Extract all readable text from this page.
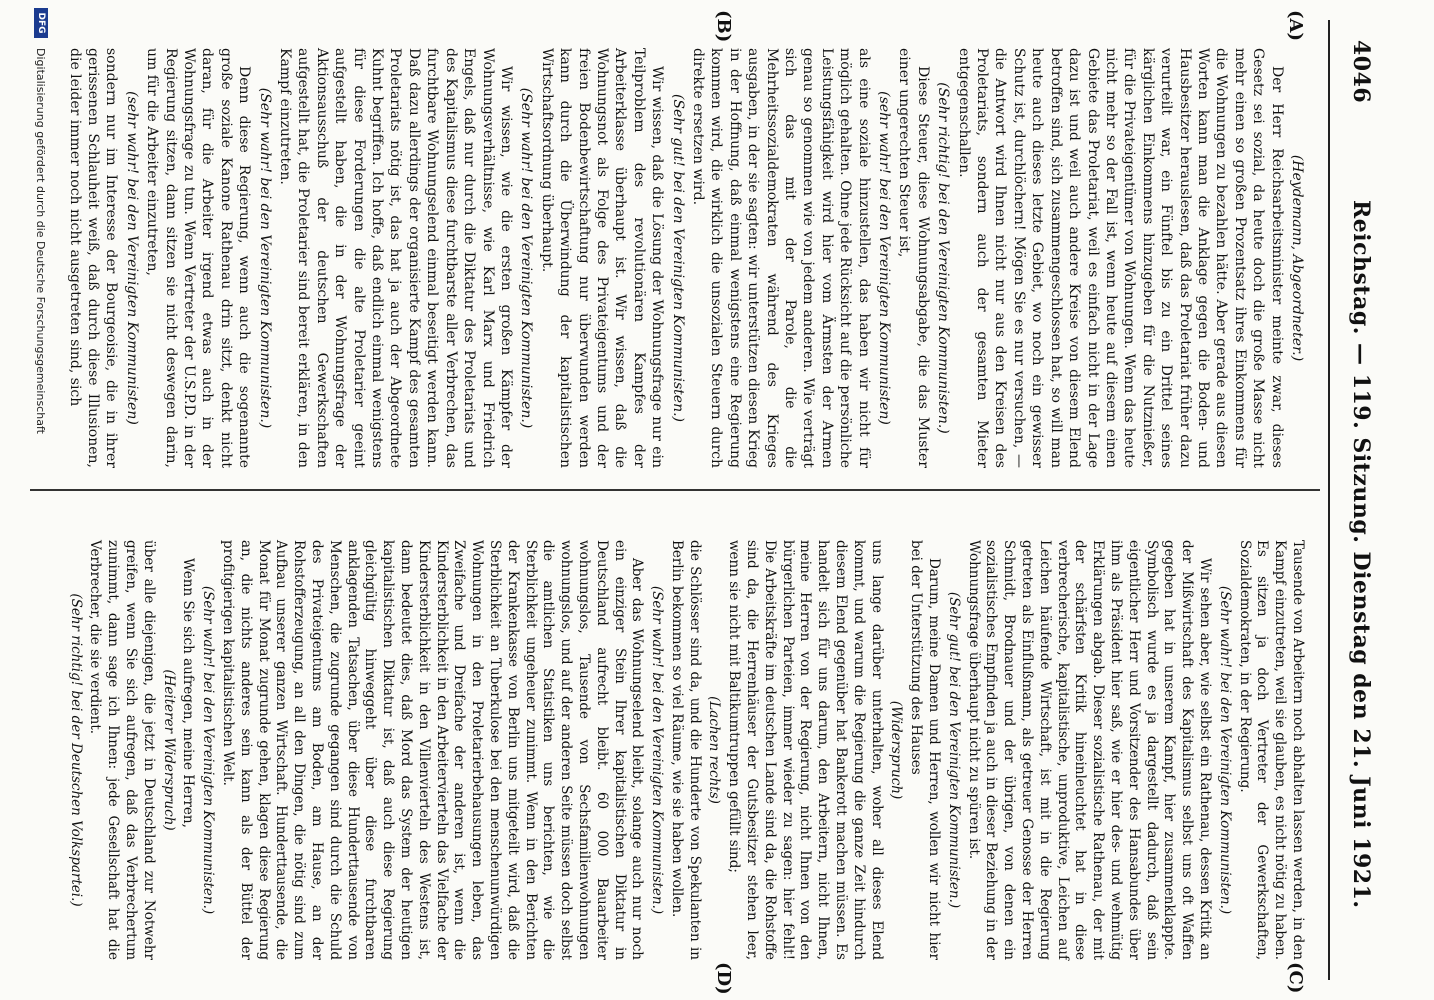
4046
Reichstag. — 119. Sitzung. Dienstag den 21. Juni 1921.
(A)
(B)
(C)
(D)

(Heydemann, Abgeordneter.)

Der Herr Reichsarbeitsminister meinte zwar, dieses Gesetz sei sozial, da heute doch die große Masse nicht mehr einen so großen Prozentsatz ihres Einkommens für die Wohnungen zu bezahlen hätte. Aber gerade aus diesen Worten kann man die Anklage gegen die Boden- und Hausbesitzer herauslesen, daß das Proletariat früher dazu verurteilt war, ein Fünftel bis zu ein Drittel seines kärglichen Einkommens hinzugeben für die Nutznießer, für die Privateigentümer von Wohnungen. Wenn das heute nicht mehr so der Fall ist, wenn heute auf diesem einen Gebiete das Proletariat, weil es einfach nicht in der Lage dazu ist und weil auch andere Kreise von diesem Elend betroffen sind, sich zusammengeschlossen hat, so will man heute auch dieses letzte Gebiet, wo noch ein gewisser Schutz ist, durchlöchern! Mögen Sie es nur versuchen, — die Antwort wird Ihnen nicht nur aus den Kreisen des Proletariats, sondern auch der gesamten Mieter entgegenschallen.

(Sehr richtig! bei den Vereinigten Kommunisten.)

Diese Steuer, diese Wohnungsabgabe, die das Muster einer ungerechten Steuer ist,

(sehr wahr! bei den Vereinigten Kommunisten)

als eine soziale hinzustellen, das haben wir nicht für möglich gehalten. Ohne jede Rücksicht auf die persönliche Leistungsfähigkeit wird hier vom Ärmsten der Armen genau so genommen wie von jedem anderen. Wie verträgt sich das mit der Parole, die die Mehrheitssozialdemokraten während des Krieges ausgaben, in der sie sagten: wir unterstützen diesen Krieg in der Hoffnung, daß einmal wenigstens eine Regierung kommen wird, die wirklich die unsozialen Steuern durch direkte ersetzen wird.

(Sehr gut! bei den Vereinigten Kommunisten.)

Wir wissen, daß die Lösung der Wohnungsfrage nur ein Teilproblem des revolutionären Kampfes der Arbeiterklasse überhaupt ist. Wir wissen, daß die Wohnungsnot als Folge des Privateigentums und der freien Bodenbewirtschaftung nur überwunden werden kann durch die Überwindung der kapitalistischen Wirtschaftsordnung überhaupt.

(Sehr wahr! bei den Vereinigten Kommunisten.)

Wir wissen, wie die ersten großen Kämpfer der Wohnungsverhältnisse, wie Karl Marx und Friedrich Engels, daß nur durch die Diktatur des Proletariats und des Kapitalismus diese furchtbarste aller Verbrechen, das furchtbare Wohnungselend einmal beseitigt werden kann. Daß dazu allerdings der organisierte Kampf des gesamten Proletariats nötig ist, das hat ja auch der Abgeordnete Kuhnt begriffen. Ich hoffe, daß endlich einmal wenigstens für diese Forderungen die alte Proletarier geeint aufgestellt haben, die in der Wohnungsfrage der Aktionsausschuß der deutschen Gewerkschaften aufgestellt hat, die Proletarier sind bereit erklären, in den Kampf einzutreten.

(Sehr wahr! bei den Vereinigten Kommunisten.)

Denn diese Regierung, wenn auch die sogenannte große soziale Kanone Rathenau drin sitzt, denkt nicht daran, für die Arbeiter irgend etwas auch in der Wohnungsfrage zu tun. Wenn Vertreter der U.S.P.D. in der Regierung sitzen, dann sitzen sie nicht deswegen darin, um für die Arbeiter einzutreten,

(sehr wahr! bei den Vereinigten Kommunisten)

sondern nur im Interesse der Bourgeoisie, die in ihrer gerissenen Schlauheit weiß, daß durch diese Illusionen, die leider immer noch nicht ausgetreten sind, sich

Tausende von Arbeitern noch abhalten lassen werden, in den Kampf einzutreten, weil sie glauben, es nicht nötig zu haben. Es sitzen ja doch Vertreter der Gewerkschaften, Sozialdemokraten, in der Regierung.

(Sehr wahr! bei den Vereinigten Kommunisten.)

Wir sehen aber, wie selbst ein Rathenau, dessen Kritik an der Mißwirtschaft des Kapitalismus selbst uns oft Waffen gegeben hat in unserem Kampf, hier zusammenklappte. Symbolisch wurde es ja dargestellt dadurch, daß sein eigentlicher Herr und Vorsitzender des Hansabundes über ihm als Präsident hier saß, wie er hier des- und wehmütig Erklärungen abgab. Dieser sozialistische Rathenau, der mit der schärfsten Kritik hineinleuchtet hat in diese verbrecherische, kapitalistische, unproduktive, Leichen auf Leichen häufende Wirtschaft, ist mit in die Regierung getreten als Einflußmann, als getreuer Genosse der Herren Schmidt, Brodnauer und der übrigen, von denen ein sozialistisches Empfinden ja auch in dieser Beziehung in der Wohnungsfrage überhaupt nicht zu spüren ist.

(Sehr gut! bei den Vereinigten Kommunisten.)

Darum, meine Damen und Herren, wollen wir nicht hier bei der Unterstützung des Hauses

(Widerspruch)

uns lange darüber unterhalten, woher all dieses Elend kommt, und warum die Regierung die ganze Zeit hindurch diesem Elend gegenüber hat Bankerott machen müssen. Es handelt sich für uns darum, den Arbeitern, nicht Ihnen, meine Herren von der Regierung, nicht Ihnen von den bürgerlichen Parteien, immer wieder zu sagen: hier fehlt! Die Arbeitskräfte im deutschen Lande sind da, die Rohstoffe sind da, die Herrenhäuser der Gutsbesitzer stehen leer, wenn sie nicht mit Baltikumtruppen gefüllt sind;

(Lachen rechts)

die Schlösser sind da, und die Hunderte von Spekulanten in Berlin bekommen so viel Räume, wie sie haben wollen.

(Sehr wahr! bei den Vereinigten Kommunisten.)

Aber das Wohnungselend bleibt, solange auch nur noch ein einziger Stein Ihrer kapitalistischen Diktatur in Deutschland aufrecht bleibt. 60 000 Bauarbeiter wohnungslos, Tausende von Sechsfamilienwohnungen wohnungslos, und auf der anderen Seite müssen doch selbst die amtlichen Statistiken uns berichten, wie die Sterblichkeit ungeheuer zunimmt. Wenn in den Berichten der Krankenkasse von Berlin uns mitgeteilt wird, daß die Sterblichkeit an Tuberkulose bei den menschenunwürdigen Wohnungen in den Proletarierbehausungen leben, das Zweifache und Dreifache der anderen ist, wenn die Kindersterblichkeit in den Arbeitervierteln das Vielfache der Kindersterblichkeit in den Villenvierteln des Westens ist, dann bedeutet dies, daß Mord das System der heutigen kapitalistischen Diktatur ist, daß auch diese Regierung gleichgültig hinweggeht über diese furchtbaren anklagenden Tatsachen, über diese Hunderttausende von Menschen, die zugrunde gegangen sind durch die Schuld des Privateigentums am Boden, am Hause, an der Rohstofferzeugung, an all den Dingen, die nötig sind zum Aufbau unserer ganzen Wirtschaft. Hunderttausende, die Monat für Monat zugrunde gehen, klagen diese Regierung an, die nichts anderes sein kann als der Büttel der profitgierigen kapitalistischen Welt.

(Sehr wahr! bei den Vereinigten Kommunisten.)

Wenn Sie sich aufregen, meine Herren,

(Heiterer Widerspruch)

über alle diejenigen, die jetzt in Deutschland zur Notwehr greifen, wenn Sie sich aufregen, daß das Verbrechertum zunimmt, dann sage ich Ihnen: jede Gesellschaft hat die Verbrecher, die sie verdient.

(Sehr richtig! bei der Deutschen Volkspartei.)

DFG
Digitalisierung gefördert durch die Deutsche Forschungsgemeinschaft
